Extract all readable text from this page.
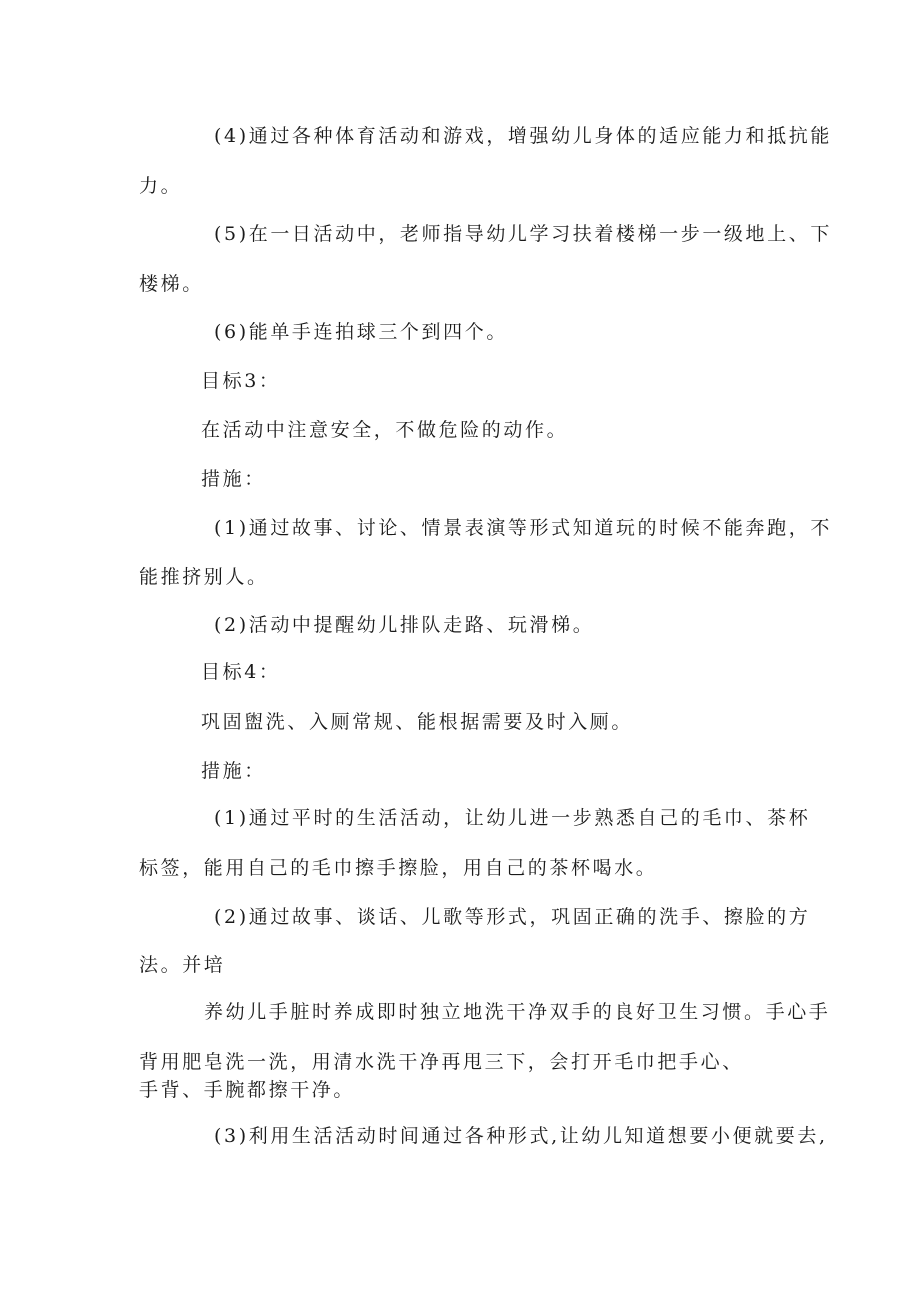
(4)通过各种体育活动和游戏，增强幼儿身体的适应能力和抵抗能
力。
(5)在一日活动中，老师指导幼儿学习扶着楼梯一步一级地上、下
楼梯。
(6)能单手连拍球三个到四个。
目标3：
在活动中注意安全，不做危险的动作。
措施：
(1)通过故事、讨论、情景表演等形式知道玩的时候不能奔跑，不
能推挤别人。
(2)活动中提醒幼儿排队走路、玩滑梯。
目标4：
巩固盥洗、入厕常规、能根据需要及时入厕。
措施：
(1)通过平时的生活活动，让幼儿进一步熟悉自己的毛巾、茶杯
标签，能用自己的毛巾擦手擦脸，用自己的茶杯喝水。
(2)通过故事、谈话、儿歌等形式，巩固正确的洗手、擦脸的方
法。并培
养幼儿手脏时养成即时独立地洗干净双手的良好卫生习惯。手心手
背用肥皂洗一洗，用清水洗干净再甩三下，会打开毛巾把手心、
手背、手腕都擦干净。
(3)利用生活活动时间通过各种形式,让幼儿知道想要小便就要去,
